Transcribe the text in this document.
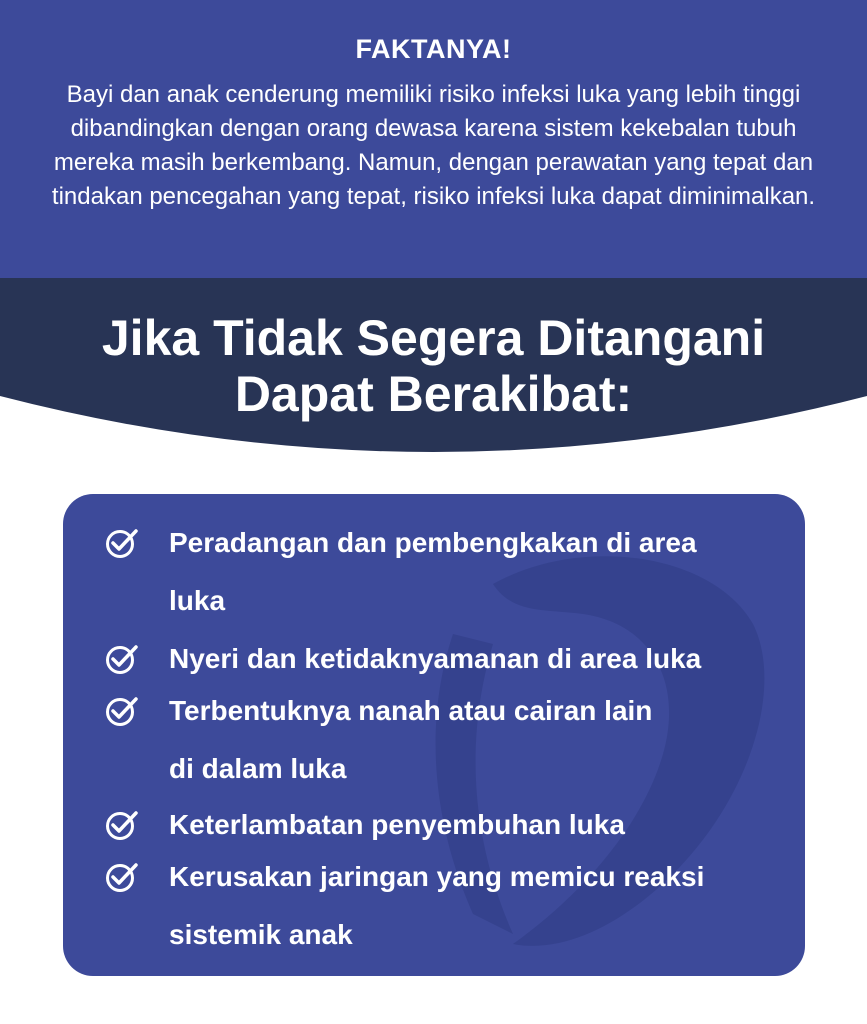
FAKTANYA!
Bayi dan anak cenderung memiliki risiko infeksi luka yang lebih tinggi dibandingkan dengan orang dewasa karena sistem kekebalan tubuh mereka masih berkembang. Namun, dengan perawatan yang tepat dan tindakan pencegahan yang tepat, risiko infeksi luka dapat diminimalkan.
Jika Tidak Segera Ditangani
Dapat Berakibat:
Peradangan dan pembengkakan di area
luka
Nyeri dan ketidaknyamanan di area luka
Terbentuknya nanah atau cairan lain
di dalam luka
Keterlambatan penyembuhan luka
Kerusakan jaringan yang memicu reaksi
sistemik anak
